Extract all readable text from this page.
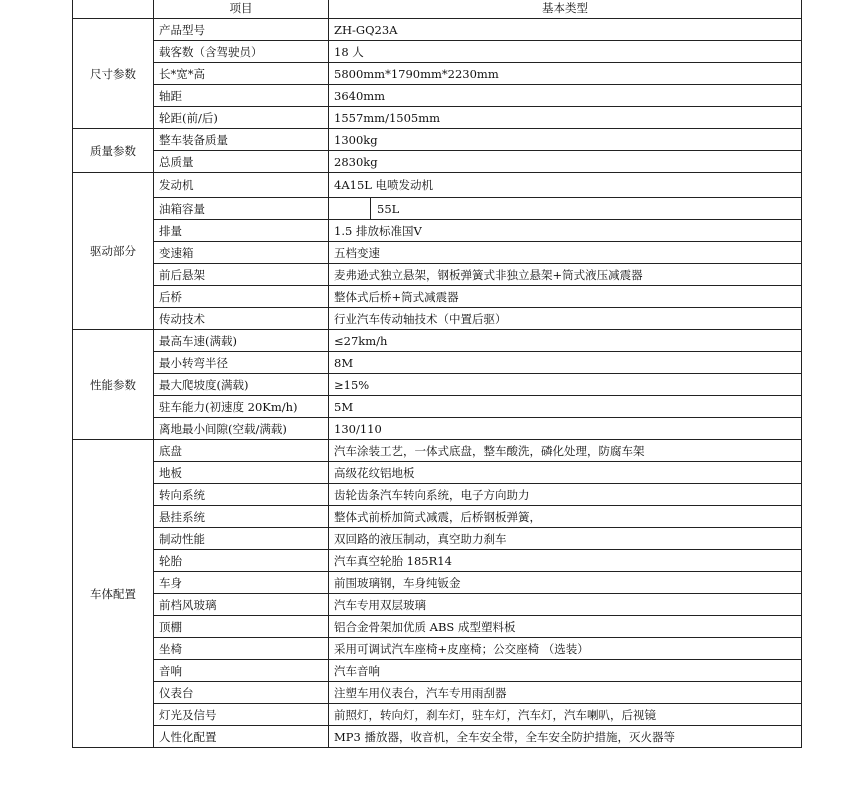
	项目	基本类型
尺寸参数	产品型号	ZH-GQ23A
	载客数（含驾驶员）	18 人
	长*宽*高	5800mm*1790mm*2230mm
	轴距	3640mm
	轮距(前/后)	1557mm/1505mm
质量参数	整车装备质量	1300kg
	总质量	2830kg
驱动部分	发动机	4A15L 电喷发动机
	油箱容量	55L

	排量	1.5 排放标准国Ⅴ
	变速箱	五档变速
	前后悬架	麦弗逊式独立悬架，钢板弹簧式非独立悬架+筒式液压减震器
	后桥	整体式后桥+筒式减震器
	传动技术	行业汽车传动轴技术（中置后驱）
性能参数	最高车速(满载)	≤27km/h
	最小转弯半径	8M
	最大爬坡度(满载)	≥15%
	驻车能力(初速度 20Km/h)	5M
	离地最小间隙(空载/满载)	130/110
车体配置	底盘	汽车涂装工艺，一体式底盘，整车酸洗，磷化处理，防腐车架
	地板	高级花纹铝地板
	转向系统	齿轮齿条汽车转向系统，电子方向助力
	悬挂系统	整体式前桥加筒式减震，后桥钢板弹簧，
	制动性能	双回路的液压制动，真空助力刹车
	轮胎	汽车真空轮胎 185R14
	车身	前围玻璃钢，车身纯钣金
	前档风玻璃	汽车专用双层玻璃
	顶棚	铝合金骨架加优质 ABS 成型塑料板
	坐椅	采用可调试汽车座椅+皮座椅；公交座椅 （选装）
	音响	汽车音响
	仪表台	注塑车用仪表台，汽车专用雨刮器
	灯光及信号	前照灯，转向灯，刹车灯，驻车灯，汽车灯，汽车喇叭，后视镜
	人性化配置	MP3 播放器，收音机，全车安全带，全车安全防护措施，灭火器等
